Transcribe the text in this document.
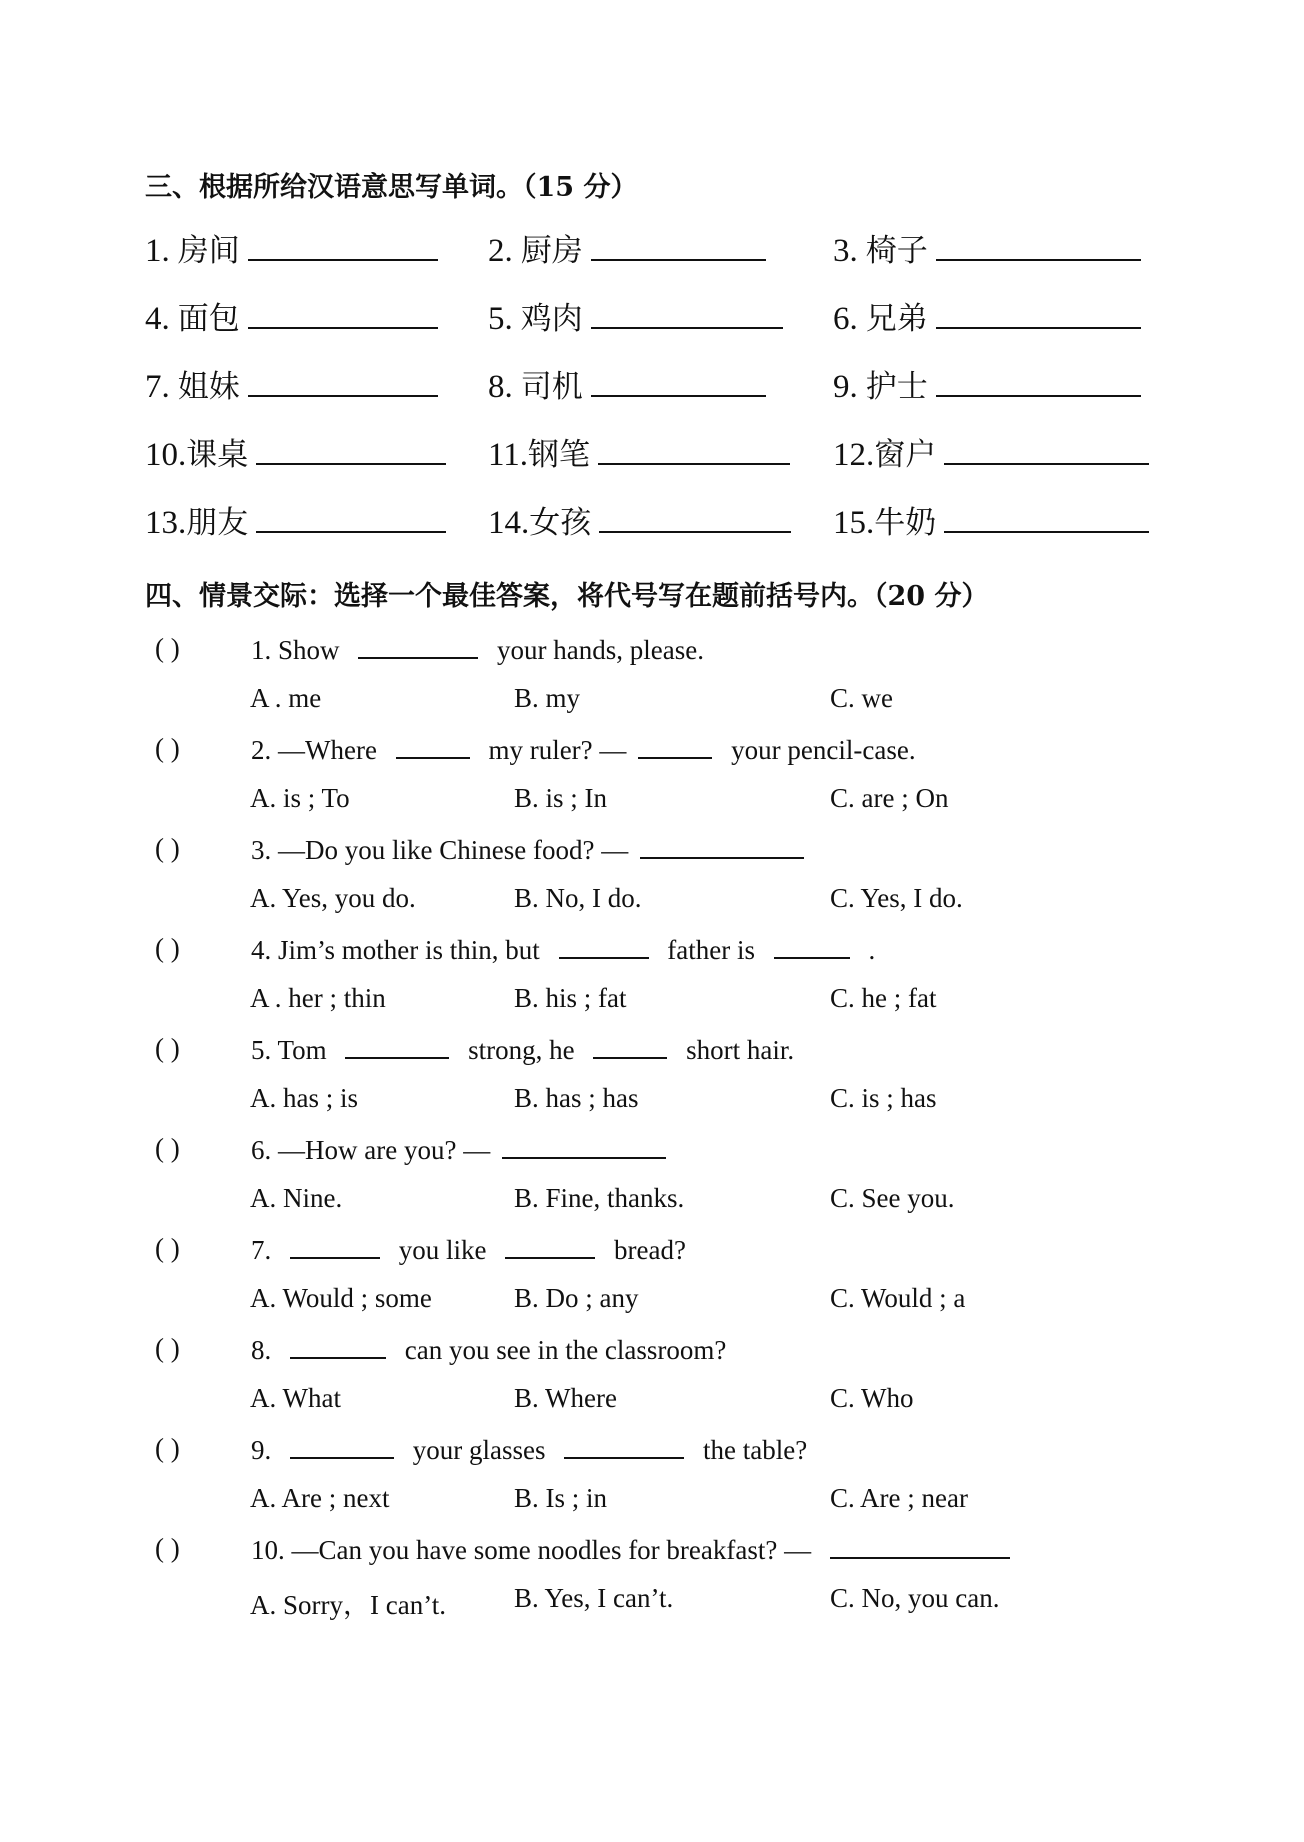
三、根据所给汉语意思写单词。（15 分）
1. 房间	2. 厨房	3. 椅子
4. 面包	5. 鸡肉	6. 兄弟
7. 姐妹	8. 司机	9. 护士
10.课桌	11.钢笔	12.窗户
13.朋友	14.女孩	15.牛奶
四、情景交际：选择一个最佳答案，将代号写在题前括号内。（20 分）
( )	1. Show	your hands, please.
A . me	B. my	C. we
( )	2. —Where	my ruler? —	your pencil-case.
A. is ; To	B. is ; In	C. are ; On
( )	3. —Do you like Chinese food? —
A. Yes, you do.	B. No, I do.	C. Yes, I do.
( )	4. Jim’s mother is thin, but	father is	.
A . her ; thin	B. his ; fat	C. he ; fat
( )	5. Tom	strong, he	short hair.
A. has ; is	B. has ; has	C. is ; has
( )	6. —How are you? —
A. Nine.	B. Fine, thanks.	C. See you.
( )	7.	you like	bread?
A. Would ; some	B. Do ; any	C. Would ; a
( )	8.	can you see in the classroom?
A. What	B. Where	C. Who
( )	9.	your glasses	the table?
A. Are ; next	B. Is ; in	C. Are ; near
( )	10. —Can you have some noodles for breakfast? —
A. Sorry，I can’t.	B. Yes, I can’t.	C. No, you can.
